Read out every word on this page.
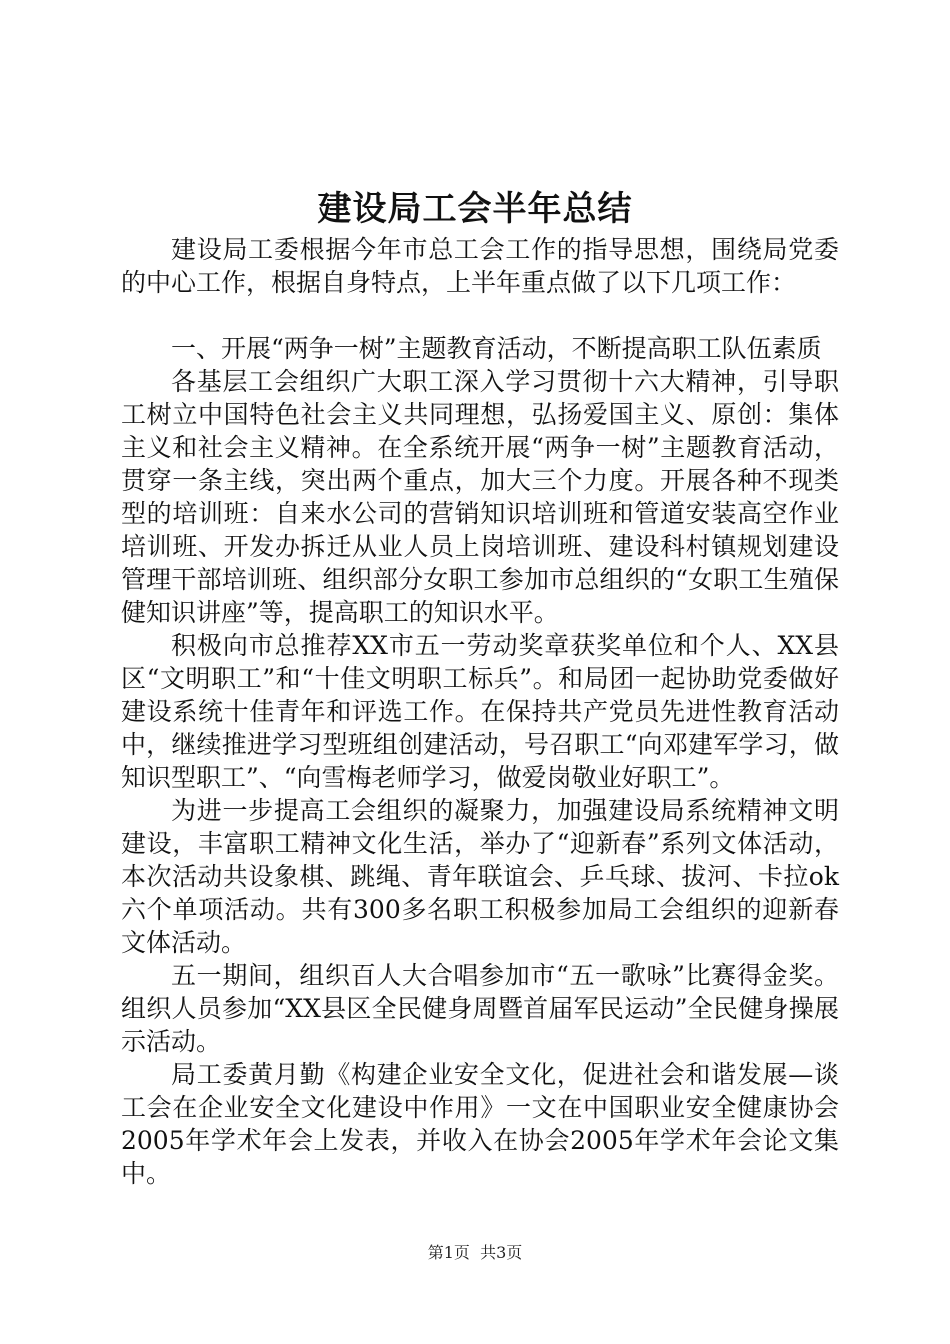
建设局工会半年总结

建设局工委根据今年市总工会工作的指导思想，围绕局党委的中心工作，根据自身特点，上半年重点做了以下几项工作：

一、开展“两争一树”主题教育活动，不断提高职工队伍素质

各基层工会组织广大职工深入学习贯彻十六大精神，引导职工树立中国特色社会主义共同理想，弘扬爱国主义、原创：集体主义和社会主义精神。在全系统开展“两争一树”主题教育活动，贯穿一条主线，突出两个重点，加大三个力度。开展各种不现类型的培训班：自来水公司的营销知识培训班和管道安装高空作业培训班、开发办拆迁从业人员上岗培训班、建设科村镇规划建设管理干部培训班、组织部分女职工参加市总组织的“女职工生殖保健知识讲座”等，提高职工的知识水平。

积极向市总推荐XX市五一劳动奖章获奖单位和个人、XX县区“文明职工”和“十佳文明职工标兵”。和局团一起协助党委做好建设系统十佳青年和评选工作。在保持共产党员先进性教育活动中，继续推进学习型班组创建活动，号召职工“向邓建军学习，做知识型职工”、“向雪梅老师学习，做爱岗敬业好职工”。

为进一步提高工会组织的凝聚力，加强建设局系统精神文明建设，丰富职工精神文化生活，举办了“迎新春”系列文体活动，本次活动共设象棋、跳绳、青年联谊会、乒乓球、拔河、卡拉ok六个单项活动。共有300多名职工积极参加局工会组织的迎新春文体活动。

五一期间，组织百人大合唱参加市“五一歌咏”比赛得金奖。组织人员参加“XX县区全民健身周暨首届军民运动”全民健身操展示活动。

局工委黄月勤《构建企业安全文化，促进社会和谐发展—谈工会在企业安全文化建设中作用》一文在中国职业安全健康协会2005年学术年会上发表，并收入在协会2005年学术年会论文集中。

第1页 共3页
